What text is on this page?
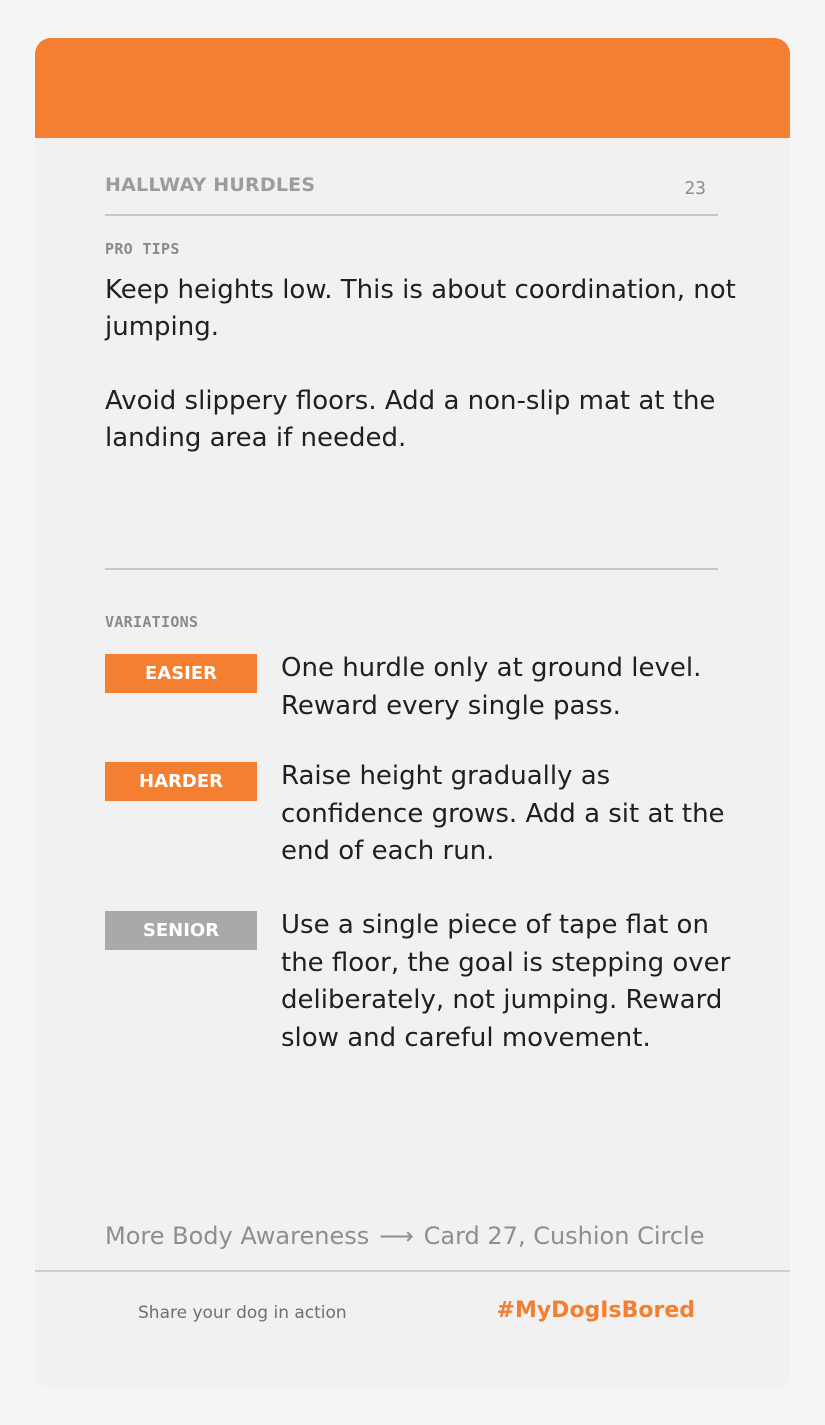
HALLWAY HURDLES	23
PRO TIPS

Keep heights low. This is about coordination, not jumping.

Avoid slippery floors. Add a non-slip mat at the landing area if needed.

VARIATIONS
EASIER	One hurdle only at ground level. Reward every single pass.
HARDER	Raise height gradually as confidence grows. Add a sit at the end of each run.
SENIOR	Use a single piece of tape flat on the floor, the goal is stepping over deliberately, not jumping. Reward slow and careful movement.
More Body Awareness ⟶ Card 27, Cushion Circle
Share your dog in action	#MyDogIsBored
